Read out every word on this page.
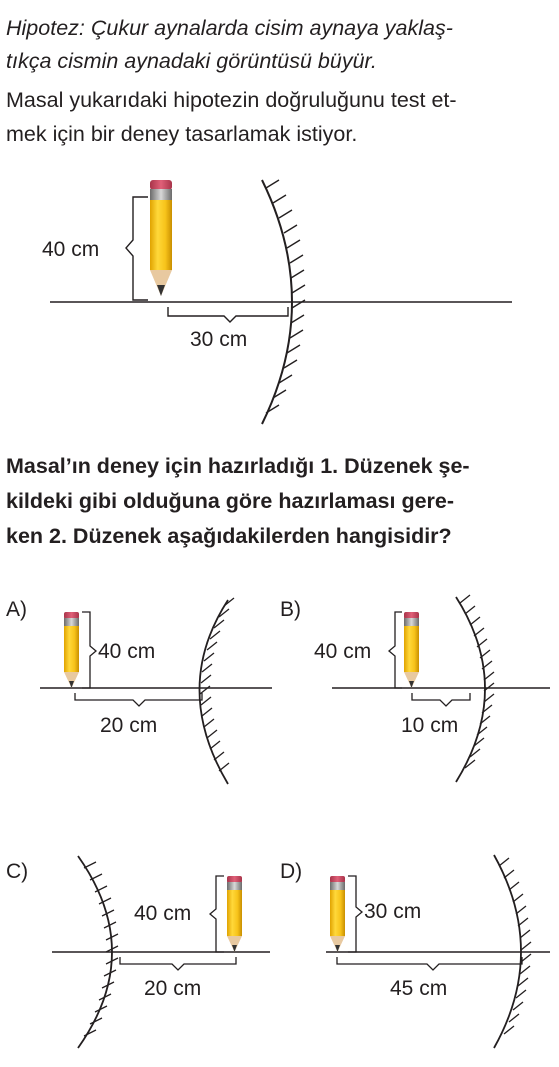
Hipotez: Çukur aynalarda cisim aynaya yaklaş-
tıkça cismin aynadaki görüntüsü büyür.
Masal yukarıdaki hipotezin doğruluğunu test et-
mek için bir deney tasarlamak istiyor.
Masal’ın deney için hazırladığı 1. Düzenek şe-
kildeki gibi olduğuna göre hazırlaması gere-
ken 2. Düzenek aşağıdakilerden hangisidir?
40 cm
30 cm
A)
40 cm
20 cm
B)
40 cm
10 cm
C)
40 cm
20 cm
D)
30 cm
45 cm
